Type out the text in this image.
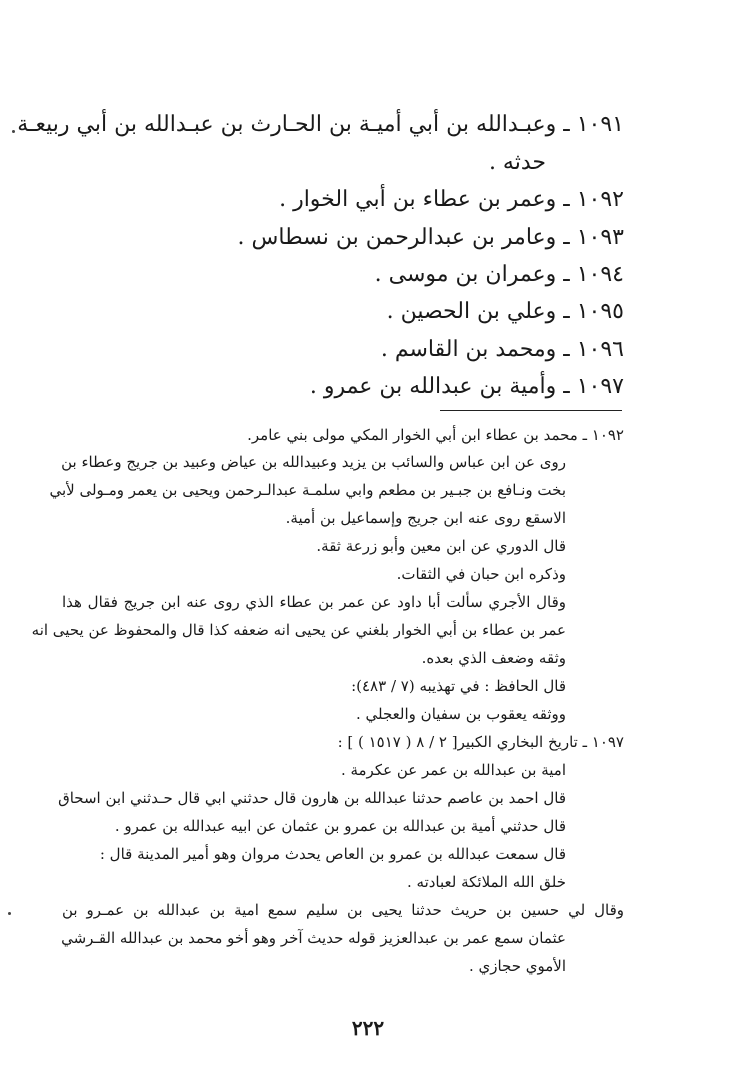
١٠٩١ ـ وعبـدالله بن أبي أميـة بن الحـارث بن عبـدالله بن أبي ربيعـة
حدثه .
١٠٩٢ ـ وعمر بن عطاء بن أبي الخوار .
١٠٩٣ ـ وعامر بن عبدالرحمن بن نسطاس .
١٠٩٤ ـ وعمران بن موسى .
١٠٩٥ ـ وعلي بن الحصين .
١٠٩٦ ـ ومحمد بن القاسم .
١٠٩٧ ـ وأمية بن عبدالله بن عمرو .
١٠٩٢ ـ محمد بن عطاء ابن أبي الخوار المكي مولى بني عامر.
روى عن ابن عباس والسائب بن يزيد وعبيدالله بن عياض وعبيد بن جريج وعطاء بن
بخت ونـافع بن جبـير بن مطعم وابي سلمـة عبدالـرحمن ويحيى بن يعمر ومـولى لأبي
الاسقع روى عنه ابن جريج وإسماعيل بن أمية.
قال الدوري عن ابن معين وأبو زرعة ثقة.
وذكره ابن حبان في الثقات.
وقال الأجري سألت أبا داود عن عمر بن عطاء الذي روى عنه ابن جريج فقال هذا
عمر بن عطاء بن أبي الخوار بلغني عن يحيى انه ضعفه كذا قال والمحفوظ عن يحيى انه
وثقه وضعف الذي بعده.
قال الحافظ : في تهذيبه (٧ / ٤٨٣):
ووثقه يعقوب بن سفيان والعجلي .
١٠٩٧ ـ تاريخ البخاري الكبير[ ٢ / ٨ ( ١٥١٧ ) ] :
امية بن عبدالله بن عمر عن عكرمة .
قال احمد بن عاصم حدثنا عبدالله بن هارون قال حدثني ابي قال حـدثني ابن اسحاق
قال حدثني أمية بن عبدالله بن عمرو بن عثمان عن ابيه عبدالله بن عمرو .
قال سمعت عبدالله بن عمرو بن العاص يحدث مروان وهو أمير المدينة قال :
خلق الله الملائكة لعبادته .
وقال لي حسين بن حريث حدثنا يحيى بن سليم سمع امية بن عبدالله بن عمـرو بن
عثمان سمع عمر بن عبدالعزيز قوله حديث آخر وهو أخو محمد بن عبدالله القـرشي
الأموي حجازي .
٢٢٢
